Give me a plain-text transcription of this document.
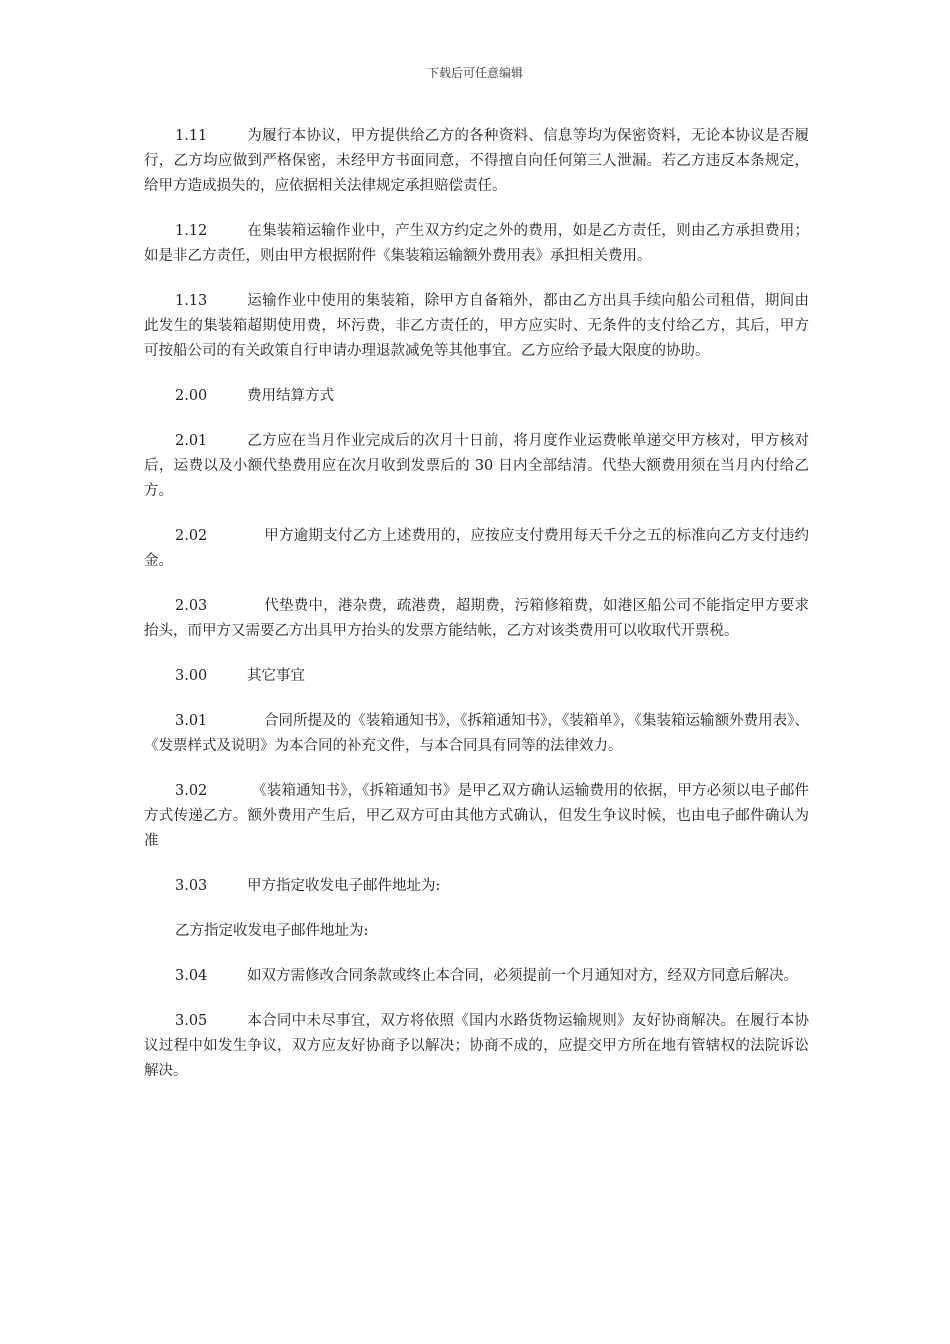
下载后可任意编辑

1.11	为履行本协议，甲方提供给乙方的各种资料、信息等均为保密资料，无论本协议是否履行，乙方均应做到严格保密，未经甲方书面同意，不得擅自向任何第三人泄漏。若乙方违反本条规定，给甲方造成损失的，应依据相关法律规定承担赔偿责任。

1.12	在集装箱运输作业中，产生双方约定之外的费用，如是乙方责任，则由乙方承担费用；如是非乙方责任，则由甲方根据附件《集装箱运输额外费用表》承担相关费用。

1.13	运输作业中使用的集装箱，除甲方自备箱外，都由乙方出具手续向船公司租借，期间由此发生的集装箱超期使用费，坏污费，非乙方责任的，甲方应实时、无条件的支付给乙方，其后，甲方可按船公司的有关政策自行申请办理退款减免等其他事宜。乙方应给予最大限度的协助。

2.00	费用结算方式

2.01	乙方应在当月作业完成后的次月十日前，将月度作业运费帐单递交甲方核对，甲方核对后，运费以及小额代垫费用应在次月收到发票后的 30 日内全部结清。代垫大额费用须在当月内付给乙方。

2.02	甲方逾期支付乙方上述费用的，应按应支付费用每天千分之五的标准向乙方支付违约金。

2.03	代垫费中，港杂费，疏港费，超期费，污箱修箱费，如港区船公司不能指定甲方要求抬头，而甲方又需要乙方出具甲方抬头的发票方能结帐，乙方对该类费用可以收取代开票税。

3.00	其它事宜

3.01	合同所提及的《装箱通知书》，《拆箱通知书》，《装箱单》，《集装箱运输额外费用表》、《发票样式及说明》为本合同的补充文件，与本合同具有同等的法律效力。

3.02	《装箱通知书》，《拆箱通知书》是甲乙双方确认运输费用的依据，甲方必须以电子邮件方式传递乙方。额外费用产生后，甲乙双方可由其他方式确认，但发生争议时候，也由电子邮件确认为准

3.03	甲方指定收发电子邮件地址为:

乙方指定收发电子邮件地址为:

3.04	如双方需修改合同条款或终止本合同，必须提前一个月通知对方，经双方同意后解决。

3.05	本合同中未尽事宜，双方将依照《国内水路货物运输规则》友好协商解决。在履行本协议过程中如发生争议，双方应友好协商予以解决；协商不成的，应提交甲方所在地有管辖权的法院诉讼解决。
